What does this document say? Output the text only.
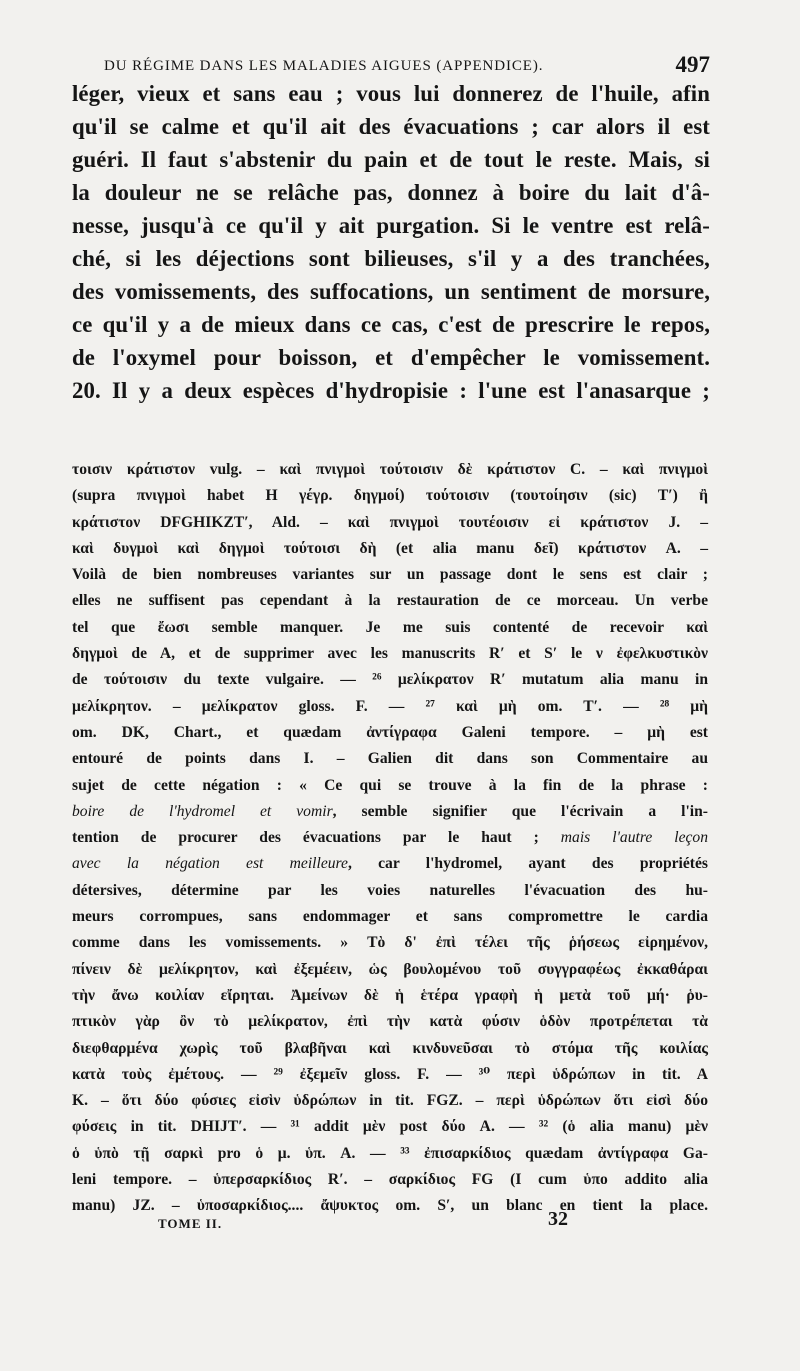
DU RÉGIME DANS LES MALADIES AIGUES (APPENDICE).	497
léger, vieux et sans eau ; vous lui donnerez de l'huile, afin
qu'il se calme et qu'il ait des évacuations ; car alors il est
guéri. Il faut s'abstenir du pain et de tout le reste. Mais, si
la douleur ne se relâche pas, donnez à boire du lait d'â-
nesse, jusqu'à ce qu'il y ait purgation. Si le ventre est relâ-
ché, si les déjections sont bilieuses, s'il y a des tranchées,
des vomissements, des suffocations, un sentiment de morsure,
ce qu'il y a de mieux dans ce cas, c'est de prescrire le repos,
de l'oxymel pour boisson, et d'empêcher le vomissement.
20. Il y a deux espèces d'hydropisie : l'une est l'anasarque ;
τοισιν κράτιστον vulg. – καὶ πνιγμοὶ τούτοισιν δὲ κράτιστον C. – καὶ πνιγμοὶ
(supra πνιγμοὶ habet H γέγρ. δηγμοί) τούτοισιν (τουτοίησιν (sic) T′) ἢ
κράτιστον DFGHIKZT′, Ald. – καὶ πνιγμοὶ τουτέοισιν εἰ κράτιστον J. –
καὶ δυγμοὶ καὶ δηγμοὶ τούτοισι δὴ (et alia manu δεῖ) κράτιστον A. –
Voilà de bien nombreuses variantes sur un passage dont le sens est clair ;
elles ne suffisent pas cependant à la restauration de ce morceau. Un verbe
tel que ἔωσι semble manquer. Je me suis contenté de recevoir καὶ
δηγμοὶ de A, et de supprimer avec les manuscrits R′ et S′ le ν ἐφελκυστικὸν
de τούτοισιν du texte vulgaire. — ²⁶ μελίκρατον R′ mutatum alia manu in
μελίκρητον. – μελίκρατον gloss. F. — ²⁷ καὶ μὴ om. T′. — ²⁸ μὴ
om. DK, Chart., et quædam ἀντίγραφα Galeni tempore. – μὴ est
entouré de points dans I. – Galien dit dans son Commentaire au
sujet de cette négation : « Ce qui se trouve à la fin de la phrase :
boire de l'hydromel et vomir, semble signifier que l'écrivain a l'in-
tention de procurer des évacuations par le haut ; mais l'autre leçon
avec la négation est meilleure, car l'hydromel, ayant des propriétés
détersives, détermine par les voies naturelles l'évacuation des hu-
meurs corrompues, sans endommager et sans compromettre le cardia
comme dans les vomissements. » Τὸ δ' ἐπὶ τέλει τῆς ῥήσεως εἰρημένον,
πίνειν δὲ μελίκρητον, καὶ ἐξεμέειν, ὡς βουλομένου τοῦ συγγραφέως ἐκκαθάραι
τὴν ἄνω κοιλίαν εἴρηται. Ἀμείνων δὲ ἡ ἑτέρα γραφὴ ἡ μετὰ τοῦ μή· ῥυ-
πτικὸν γὰρ ὂν τὸ μελίκρατον, ἐπὶ τὴν κατὰ φύσιν ὁδὸν προτρέπεται τὰ
διεφθαρμένα χωρὶς τοῦ βλαβῆναι καὶ κινδυνεῦσαι τὸ στόμα τῆς κοιλίας
κατὰ τοὺς ἐμέτους. — ²⁹ ἐξεμεῖν gloss. F. — ³⁰ περὶ ὑδρώπων in tit. A
K. – ὅτι δύο φύσιες εἰσὶν ὑδρώπων in tit. FGZ. – περὶ ὑδρώπων ὅτι εἰσὶ δύο
φύσεις in tit. DHIJT′. — ³¹ addit μὲν post δύο A. — ³² (ὁ alia manu) μὲν
ὁ ὑπὸ τῇ σαρκὶ pro ὁ μ. ὑπ. A. — ³³ ἐπισαρκίδιος quædam ἀντίγραφα Ga-
leni tempore. – ὑπερσαρκίδιος R′. – σαρκίδιος FG (I cum ὑπο addito alia
manu) JZ. – ὑποσαρκίδιος.... ἄψυκτος om. S′, un blanc en tient la place.
TOME II.	32
